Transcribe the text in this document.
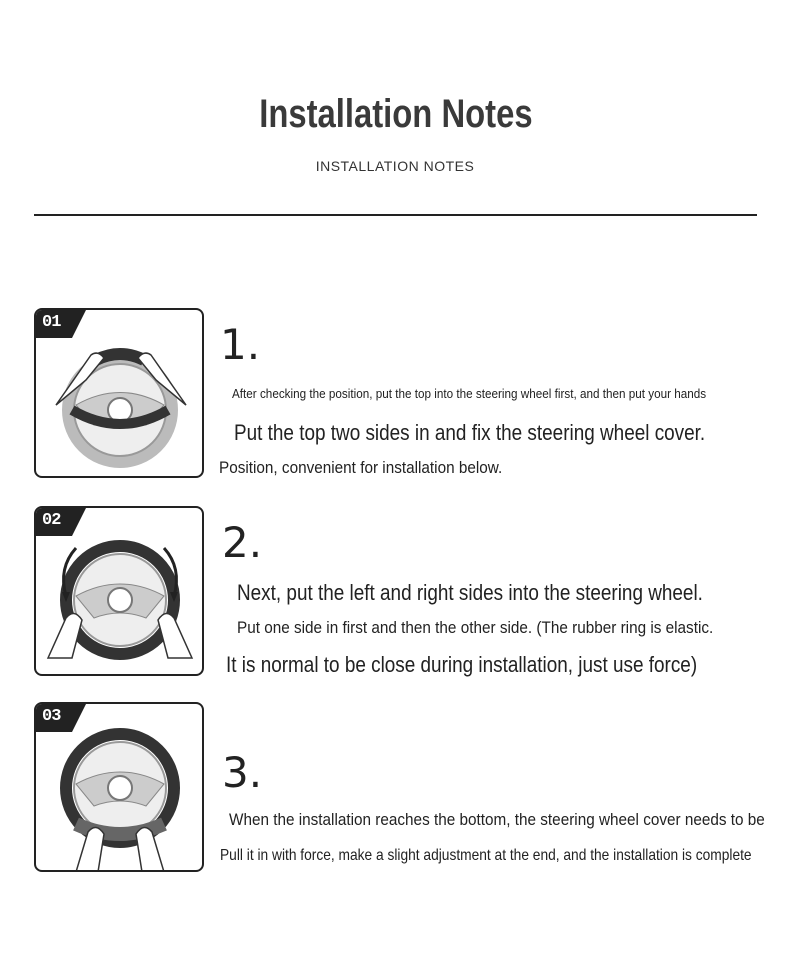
Installation Notes
INSTALLATION NOTES
01	1.
After checking the position, put the top into the steering wheel first, and then put your hands
Put the top two sides in and fix the steering wheel cover.
Position, convenient for installation below.
02	2.
Next, put the left and right sides into the steering wheel.
Put one side in first and then the other side. (The rubber ring is elastic.
It is normal to be close during installation, just use force)
03
3.
When the installation reaches the bottom, the steering wheel cover needs to be
Pull it in with force, make a slight adjustment at the end, and the installation is complete
